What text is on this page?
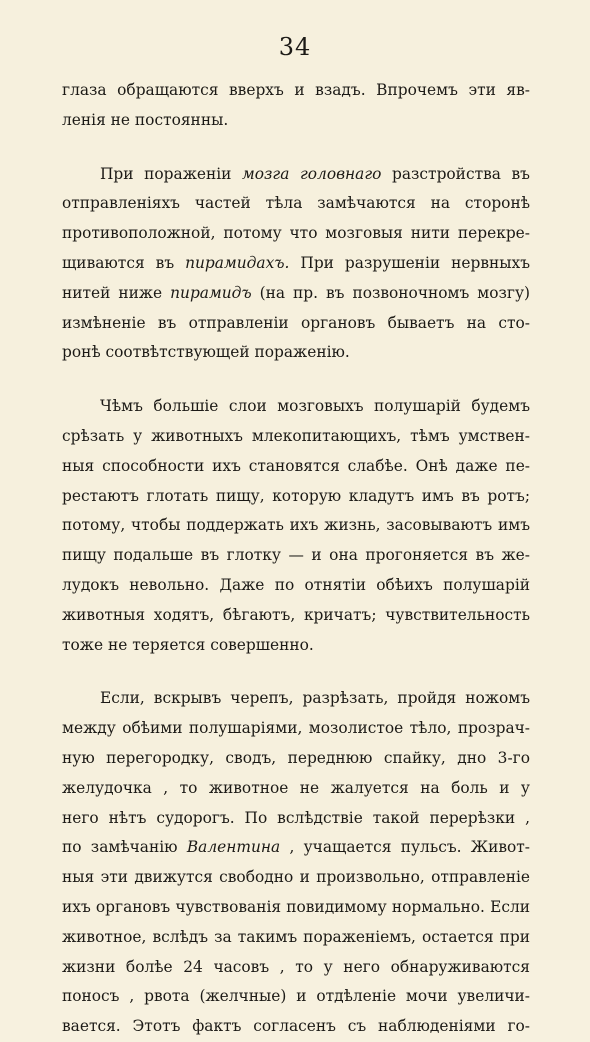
34
глаза обращаются вверхъ и взадъ. Впрочемъ эти яв-
ленія не постоянны.
При пораженіи мозга головнаго разстройства въ
отправленіяхъ частей тѣла замѣчаются на сторонѣ
противоположной, потому что мозговыя нити перекре-
щиваются въ пирамидахъ. При разрушеніи нервныхъ
нитей ниже пирамидъ (на пр. въ позвоночномъ мозгу)
измѣненіе въ отправленіи органовъ бываетъ на сто-
ронѣ соотвѣтствующей пораженію.
Чѣмъ большіе слои мозговыхъ полушарій будемъ
срѣзать у животныхъ млекопитающихъ, тѣмъ умствен-
ныя способности ихъ становятся слабѣе. Онѣ даже пе-
рестаютъ глотать пищу, которую кладутъ имъ въ ротъ;
потому, чтобы поддержать ихъ жизнь, засовываютъ имъ
пищу подальше въ глотку — и она прогоняется въ же-
лудокъ невольно. Даже по отнятіи обѣихъ полушарій
животныя ходятъ, бѣгаютъ, кричатъ; чувствительность
тоже не теряется совершенно.
Если, вскрывъ черепъ, разрѣзать, пройдя ножомъ
между обѣими полушаріями, мозолистое тѣло, прозрач-
ную перегородку, сводъ, переднюю спайку, дно 3-го
желудочка , то животное не жалуется на боль и у
него нѣтъ судорогъ. По вслѣдствіе такой перерѣзки ,
по замѣчанію Валентина , учащается пульсъ. Живот-
ныя эти движутся свободно и произвольно, отправленіе
ихъ органовъ чувствованія повидимому нормально. Если
животное, вслѣдъ за такимъ пораженіемъ, остается при
жизни болѣе 24 часовъ , то у него обнаруживаются
поносъ , рвота (желчные) и отдѣленіе мочи увеличи-
вается. Этотъ фактъ согласенъ съ наблюденіями го-
